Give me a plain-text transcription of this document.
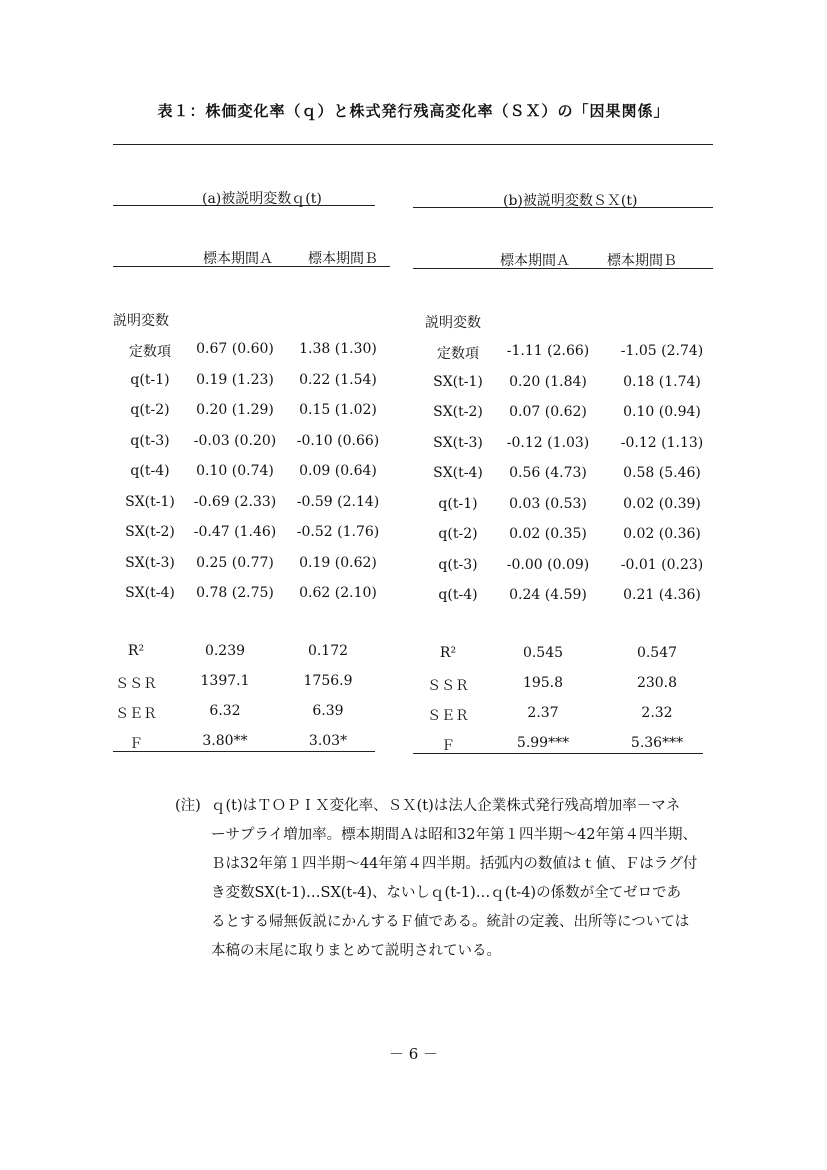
表１：株価変化率（ｑ）と株式発行残高変化率（ＳＸ）の「因果関係」
(a)被説明変数ｑ(t)	(b)被説明変数ＳＸ(t)
標本期間Ａ	標本期間Ｂ	標本期間Ａ	標本期間Ｂ
説明変数	説明変数
定数項	0.67 (0.60)	1.38 (1.30)
q(t-1)	0.19 (1.23)	0.22 (1.54)
q(t-2)	0.20 (1.29)	0.15 (1.02)
q(t-3)	-0.03 (0.20)	-0.10 (0.66)
q(t-4)	0.10 (0.74)	0.09 (0.64)
SX(t-1)	-0.69 (2.33)	-0.59 (2.14)
SX(t-2)	-0.47 (1.46)	-0.52 (1.76)
SX(t-3)	0.25 (0.77)	0.19 (0.62)
SX(t-4)	0.78 (2.75)	0.62 (2.10)
定数項	-1.11 (2.66)	-1.05 (2.74)
SX(t-1)	0.20 (1.84)	0.18 (1.74)
SX(t-2)	0.07 (0.62)	0.10 (0.94)
SX(t-3)	-0.12 (1.03)	-0.12 (1.13)
SX(t-4)	0.56 (4.73)	0.58 (5.46)
q(t-1)	0.03 (0.53)	0.02 (0.39)
q(t-2)	0.02 (0.35)	0.02 (0.36)
q(t-3)	-0.00 (0.09)	-0.01 (0.23)
q(t-4)	0.24 (4.59)	0.21 (4.36)
R²	0.239	0.172
ＳＳＲ	1397.1	1756.9
ＳＥＲ	6.32	6.39
Ｆ	3.80**	3.03*
R²	0.545	0.547
ＳＳＲ	195.8	230.8
ＳＥＲ	2.37	2.32
Ｆ	5.99***	5.36***
(注) ｑ(t)はＴＯＰＩＸ変化率、ＳＸ(t)は法人企業株式発行残高増加率－マネ
ーサプライ増加率。標本期間Ａは昭和32年第１四半期～42年第４四半期、
Ｂは32年第１四半期～44年第４四半期。括弧内の数値はｔ値、Ｆはラグ付
き変数SX(t-1)…SX(t-4)、ないしｑ(t-1)…ｑ(t-4)の係数が全てゼロであ
るとする帰無仮説にかんするＦ値である。統計の定義、出所等については
本稿の末尾に取りまとめて説明されている。
－ 6 －
